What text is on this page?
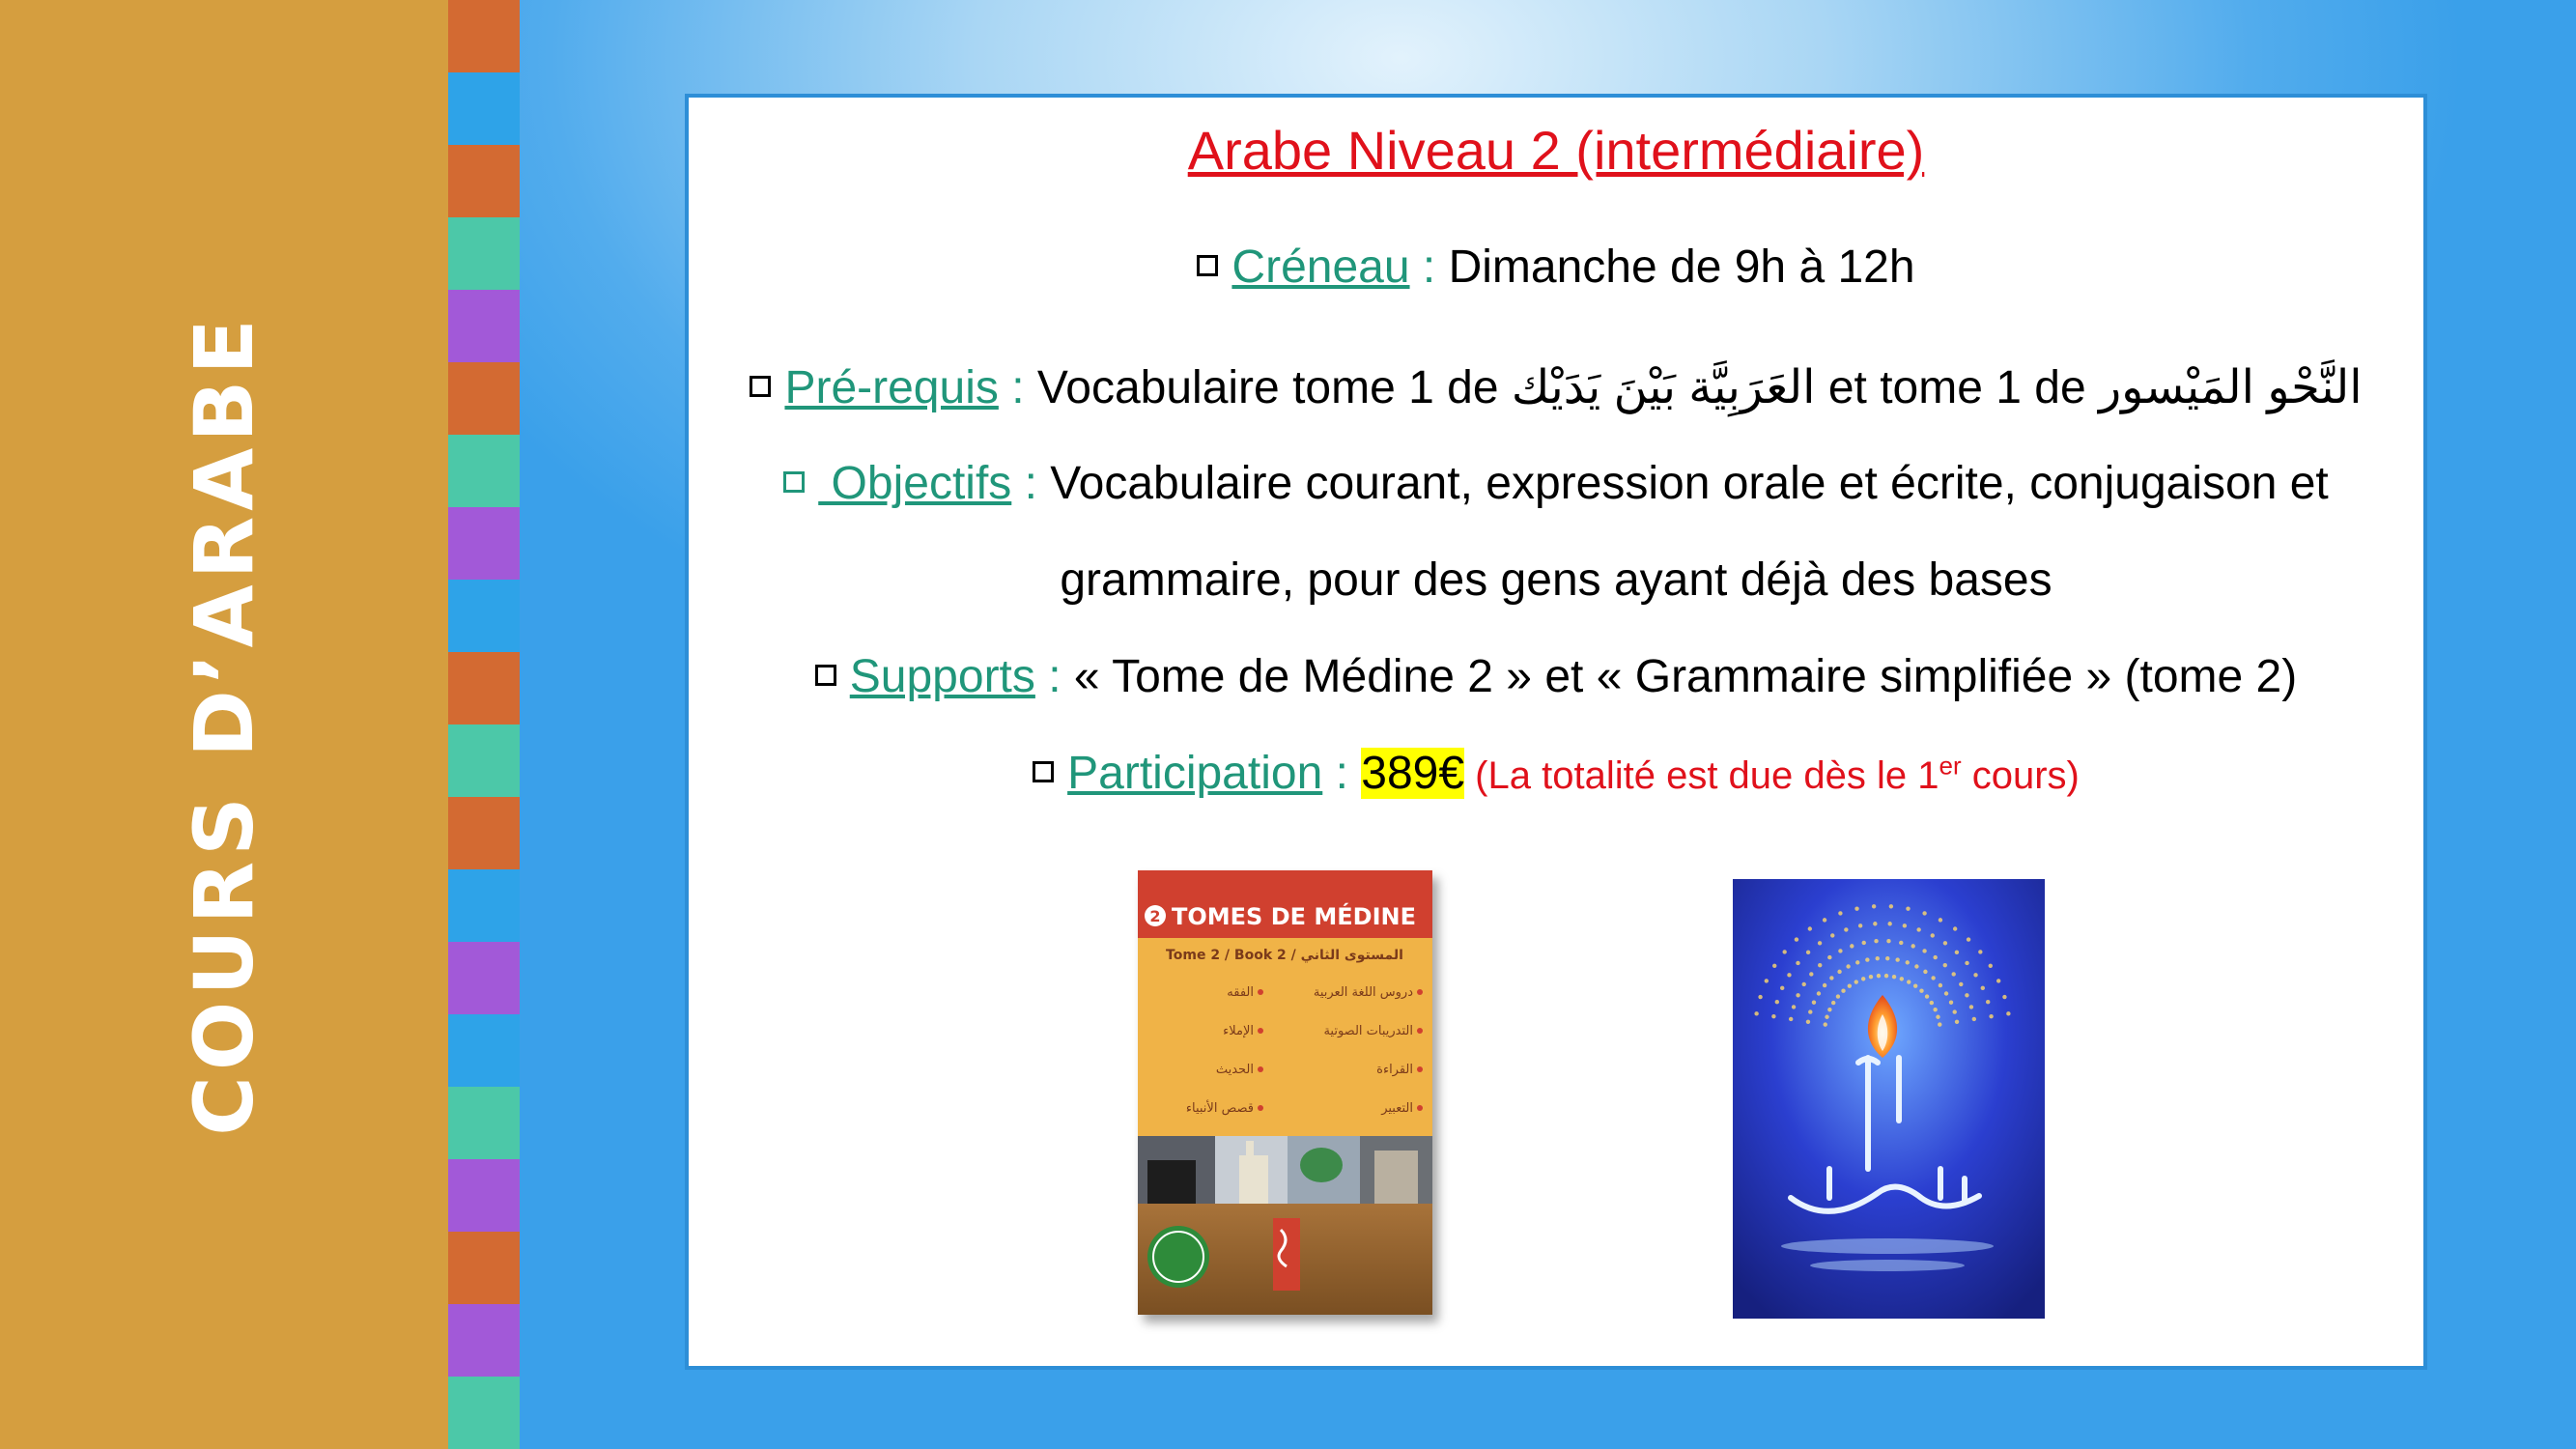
COURS D’ARABE
Arabe Niveau 2 (intermédiaire)
Créneau : Dimanche de 9h à 12h
Pré-requis : Vocabulaire tome 1 de العَرَبِيَّة بَيْنَ يَدَيْك et tome 1 de النَّحْو المَيْسور
Objectifs : Vocabulaire courant, expression orale et écrite, conjugaison et
grammaire, pour des gens ayant déjà des bases
Supports : « Tome de Médine 2 » et « Grammaire simplifiée » (tome 2)
Participation : 389€ (La totalité est due dès le 1er cours)
2 TOMES DE MÉDINE
Tome 2 / Book 2 / المستوى الثاني
دروس اللغة العربية
التدريبات الصوتية
القراءة
التعبير
الفقه
الإملاء
الحديث
قصص الأنبياء
